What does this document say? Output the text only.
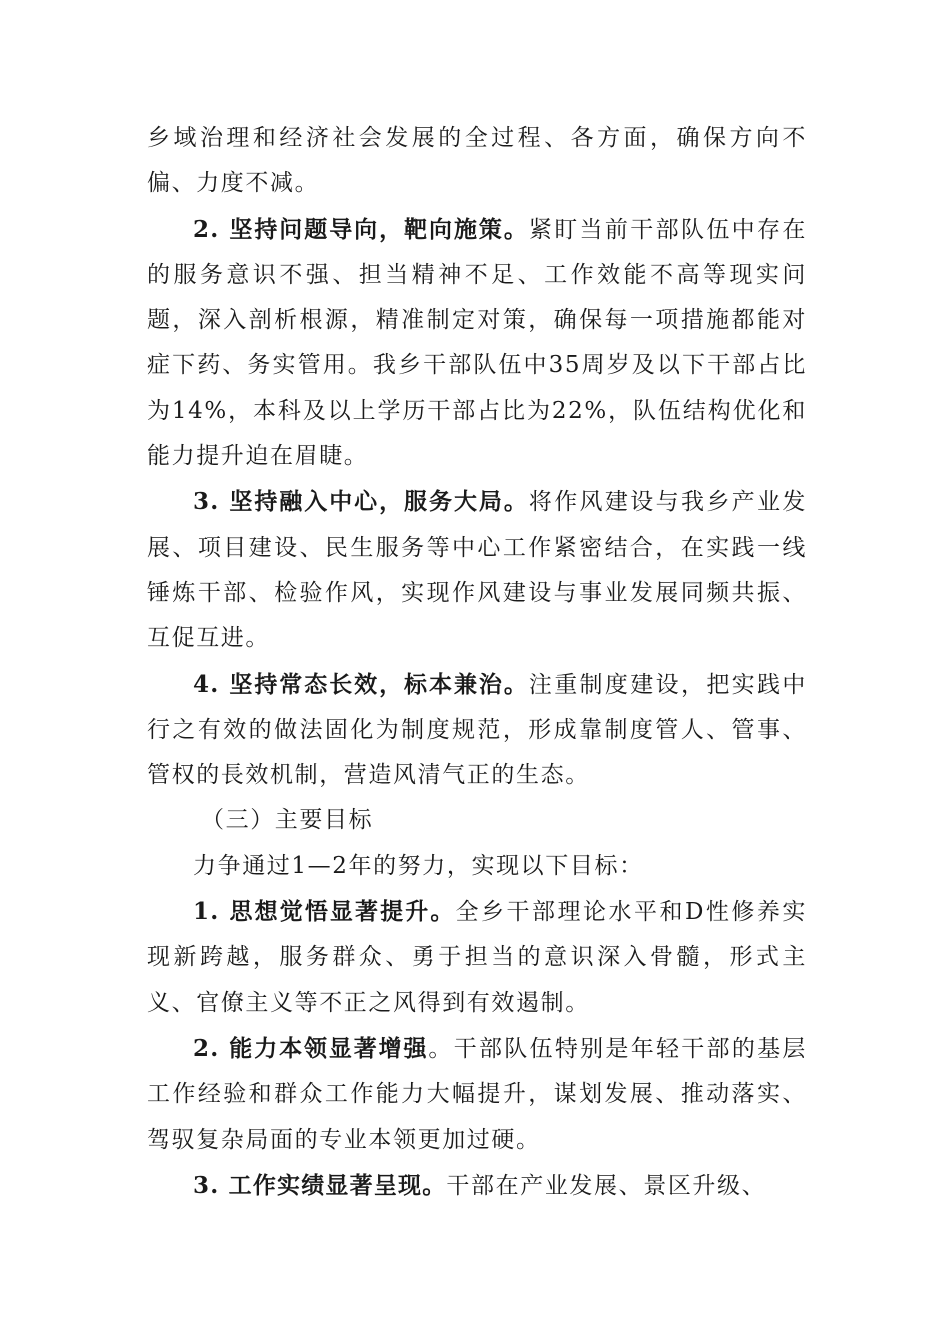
乡域治理和经济社会发展的全过程、各方面，确保方向不偏、力度不减。

2. 坚持问题导向，靶向施策。紧盯当前干部队伍中存在的服务意识不强、担当精神不足、工作效能不高等现实问题，深入剖析根源，精准制定对策，确保每一项措施都能对症下药、务实管用。我乡干部队伍中35周岁及以下干部占比为14%，本科及以上学历干部占比为22%，队伍结构优化和能力提升迫在眉睫。

3. 坚持融入中心，服务大局。将作风建设与我乡产业发展、项目建设、民生服务等中心工作紧密结合，在实践一线锤炼干部、检验作风，实现作风建设与事业发展同频共振、互促互进。

4. 坚持常态长效，标本兼治。注重制度建设，把实践中行之有效的做法固化为制度规范，形成靠制度管人、管事、管权的長效机制，营造风清气正的生态。

（三）主要目标

力争通过1—2年的努力，实现以下目标：

1. 思想觉悟显著提升。全乡干部理论水平和D性修养实现新跨越，服务群众、勇于担当的意识深入骨髓，形式主义、官僚主义等不正之风得到有效遏制。

2. 能力本领显著增强。干部队伍特别是年轻干部的基层工作经验和群众工作能力大幅提升，谋划发展、推动落实、驾驭复杂局面的专业本领更加过硬。

3. 工作实绩显著呈现。干部在产业发展、景区升级、
